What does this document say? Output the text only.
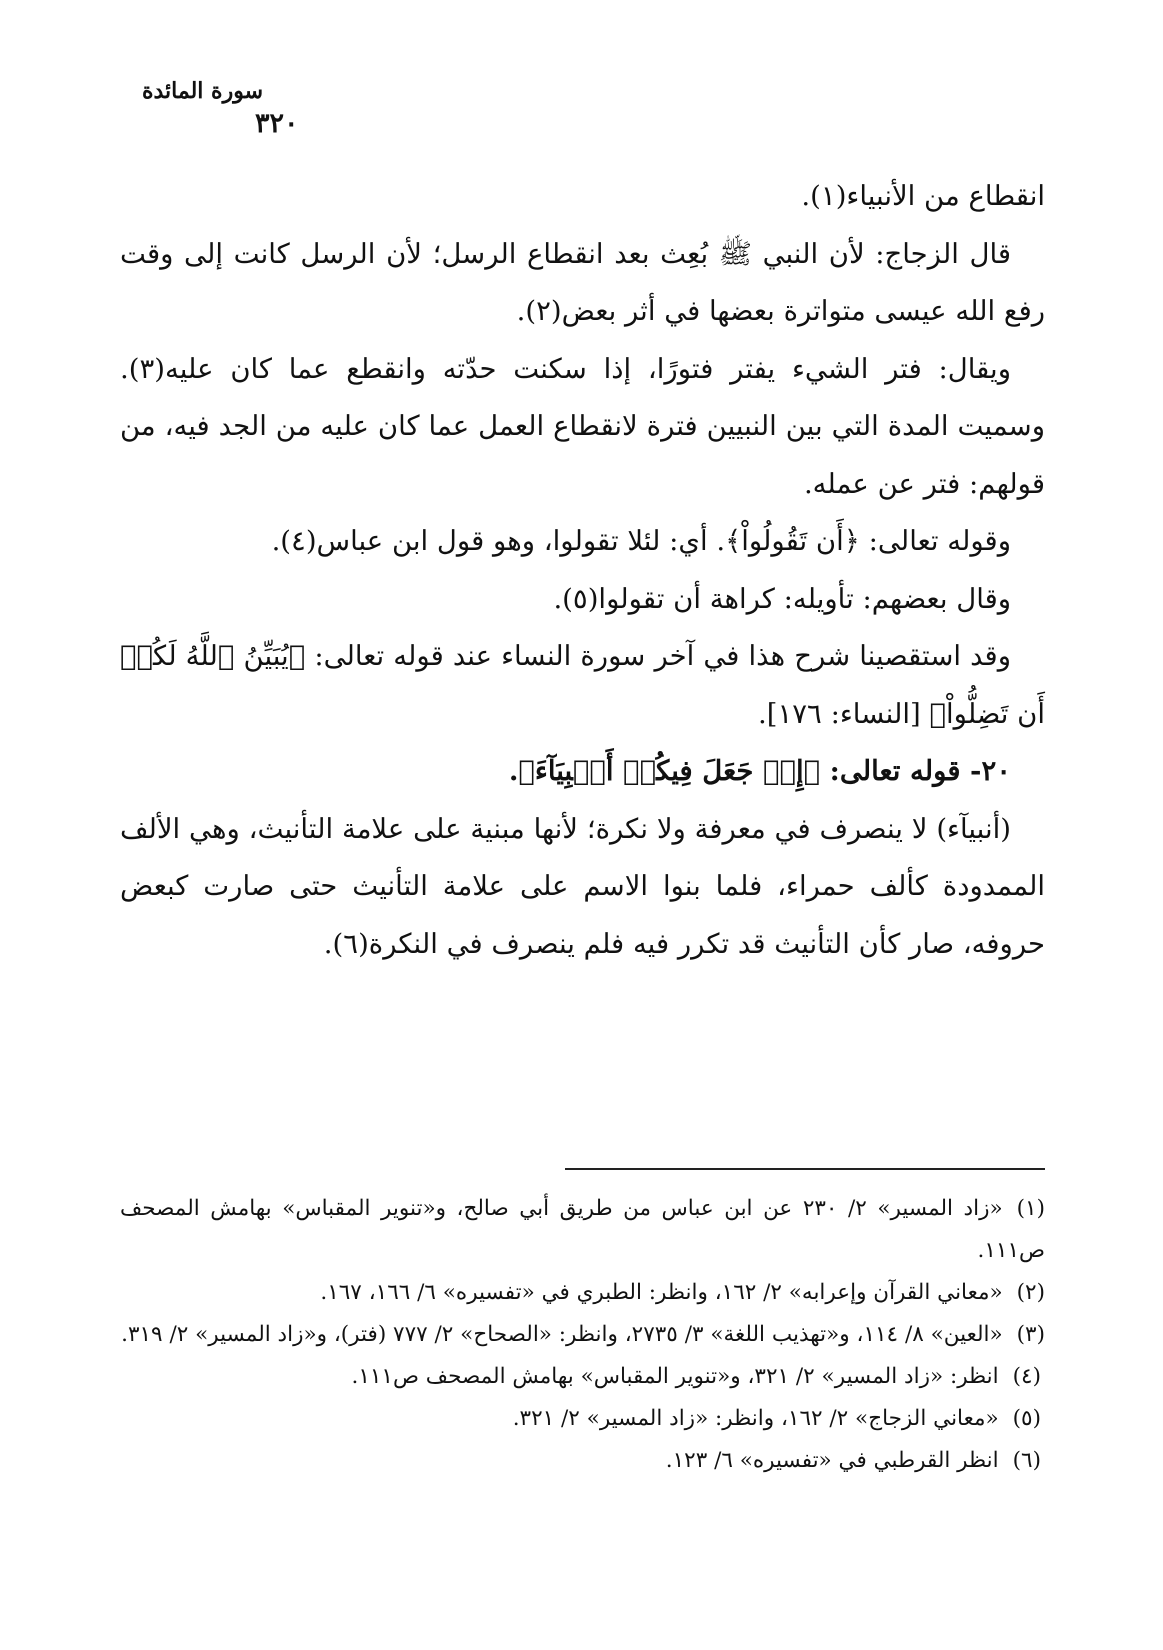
سورة المائدة
٣٢٠

انقطاع من الأنبياء(١).

قال الزجاج: لأن النبي ﷺ بُعِث بعد انقطاع الرسل؛ لأن الرسل كانت إلى وقت رفع الله عيسى متواترة بعضها في أثر بعض(٢).

ويقال: فتر الشيء يفتر فتورًا، إذا سكنت حدّته وانقطع عما كان عليه(٣). وسميت المدة التي بين النبيين فترة لانقطاع العمل عما كان عليه من الجد فيه، من قولهم: فتر عن عمله.

وقوله تعالى: ﴿أَن تَقُولُواْ﴾. أي: لئلا تقولوا، وهو قول ابن عباس(٤).

وقال بعضهم: تأويله: كراهة أن تقولوا(٥).

وقد استقصينا شرح هذا في آخر سورة النساء عند قوله تعالى: ﴿يُبَيِّنُ ٱللَّهُ لَكُمۡ أَن تَضِلُّواْ﴾ [النساء: ١٧٦].

٢٠- قوله تعالى: ﴿إِذۡ جَعَلَ فِيكُمۡ أَنۢبِيَآءَ﴾.

(أنبيآء) لا ينصرف في معرفة ولا نكرة؛ لأنها مبنية على علامة التأنيث، وهي الألف الممدودة كألف حمراء، فلما بنوا الاسم على علامة التأنيث حتى صارت كبعض حروفه، صار كأن التأنيث قد تكرر فيه فلم ينصرف في النكرة(٦).

(١)«زاد المسير» ٢/ ٢٣٠ عن ابن عباس من طريق أبي صالح، و«تنوير المقباس» بهامش المصحف ص١١١.

(٢)«معاني القرآن وإعرابه» ٢/ ١٦٢، وانظر: الطبري في «تفسيره» ٦/ ١٦٦، ١٦٧.

(٣)«العين» ٨/ ١١٤، و«تهذيب اللغة» ٣/ ٢٧٣٥، وانظر: «الصحاح» ٢/ ٧٧٧ (فتر)، و«زاد المسير» ٢/ ٣١٩.

(٤)انظر: «زاد المسير» ٢/ ٣٢١، و«تنوير المقباس» بهامش المصحف ص١١١.

(٥)«معاني الزجاج» ٢/ ١٦٢، وانظر: «زاد المسير» ٢/ ٣٢١.

(٦)انظر القرطبي في «تفسيره» ٦/ ١٢٣.
